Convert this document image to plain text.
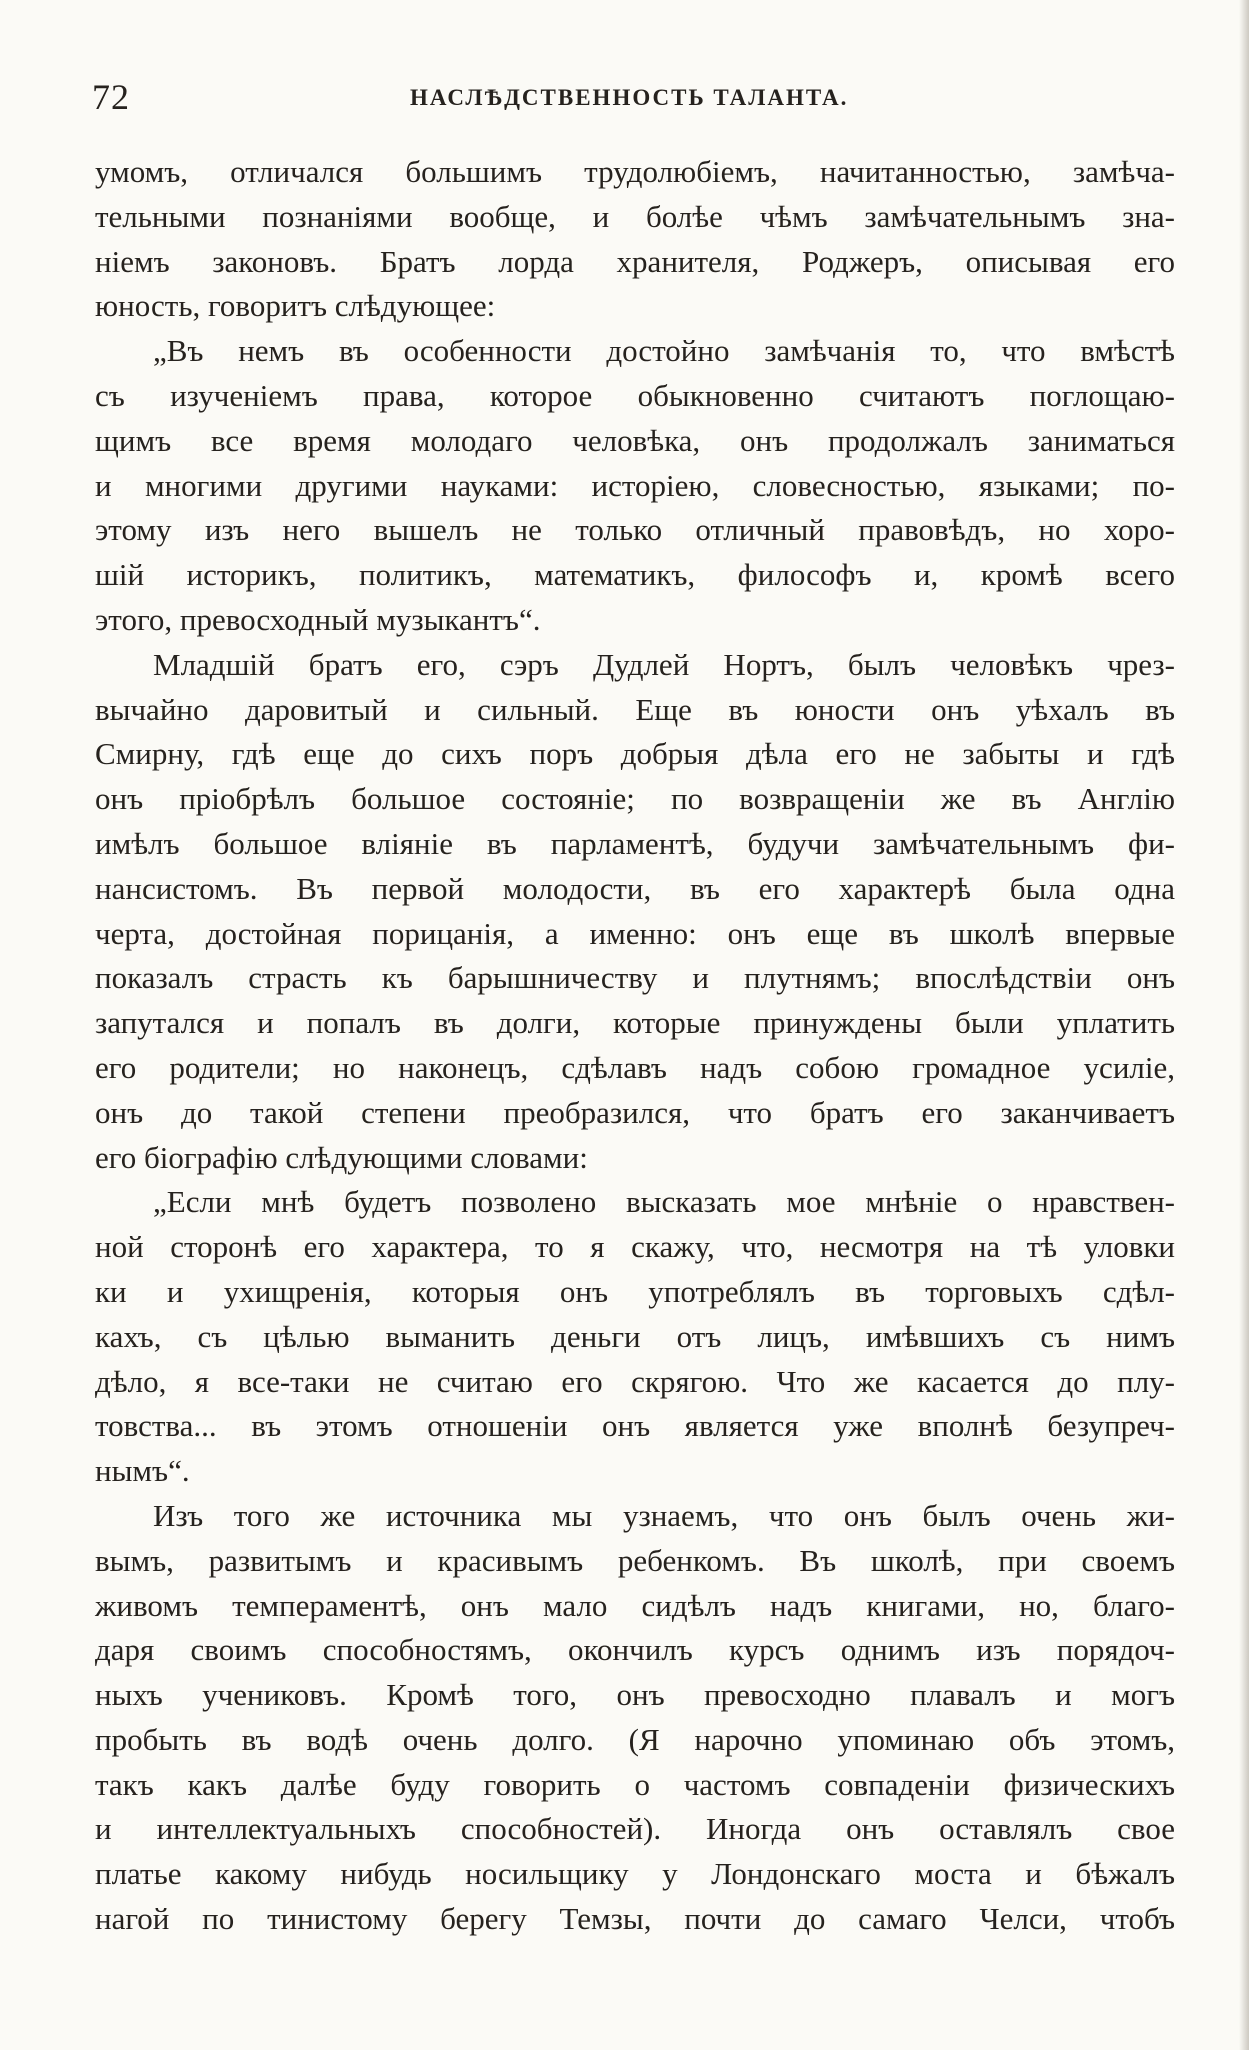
72	НАСЛѢДСТВЕННОСТЬ ТАЛАНТА.

умомъ, отличался большимъ трудолюбіемъ, начитанностью, замѣча-
тельными познаніями вообще, и болѣе чѣмъ замѣчательнымъ зна-
ніемъ законовъ. Братъ лорда хранителя, Роджеръ, описывая его
юность, говоритъ слѣдующее:

„Въ немъ въ особенности достойно замѣчанія то, что вмѣстѣ
съ изученіемъ права, которое обыкновенно считаютъ поглощаю-
щимъ все время молодаго человѣка, онъ продолжалъ заниматься
и многими другими науками: исторіею, словесностью, языками; по-
этому изъ него вышелъ не только отличный правовѣдъ, но хоро-
шій историкъ, политикъ, математикъ, философъ и, кромѣ всего
этого, превосходный музыкантъ“.

Младшій братъ его, сэръ Дудлей Нортъ, былъ человѣкъ чрез-
вычайно даровитый и сильный. Еще въ юности онъ уѣхалъ въ
Смирну, гдѣ еще до сихъ поръ добрыя дѣла его не забыты и гдѣ
онъ пріобрѣлъ большое состояніе; по возвращеніи же въ Англію
имѣлъ большое вліяніе въ парламентѣ, будучи замѣчательнымъ фи-
нансистомъ. Въ первой молодости, въ его характерѣ была одна
черта, достойная порицанія, а именно: онъ еще въ школѣ впервые
показалъ страсть къ барышничеству и плутнямъ; впослѣдствіи онъ
запутался и попалъ въ долги, которые принуждены были уплатить
его родители; но наконецъ, сдѣлавъ надъ собою громадное усиліе,
онъ до такой степени преобразился, что братъ его заканчиваетъ
его біографію слѣдующими словами:

„Если мнѣ будетъ позволено высказать мое мнѣніе о нравствен-
ной сторонѣ его характера, то я скажу, что, несмотря на тѣ уловки
ки и ухищренія, которыя онъ употреблялъ въ торговыхъ сдѣл-
кахъ, съ цѣлью выманить деньги отъ лицъ, имѣвшихъ съ нимъ
дѣло, я все-таки не считаю его скрягою. Что же касается до плу-
товства... въ этомъ отношеніи онъ является уже вполнѣ безупреч-
нымъ“.

Изъ того же источника мы узнаемъ, что онъ былъ очень жи-
вымъ, развитымъ и красивымъ ребенкомъ. Въ школѣ, при своемъ
живомъ темпераментѣ, онъ мало сидѣлъ надъ книгами, но, благо-
даря своимъ способностямъ, окончилъ курсъ однимъ изъ порядоч-
ныхъ учениковъ. Кромѣ того, онъ превосходно плавалъ и могъ
пробыть въ водѣ очень долго. (Я нарочно упоминаю объ этомъ,
такъ какъ далѣе буду говорить о частомъ совпаденіи физическихъ
и интеллектуальныхъ способностей). Иногда онъ оставлялъ свое
платье какому нибудь носильщику у Лондонскаго моста и бѣжалъ
нагой по тинистому берегу Темзы, почти до самаго Челси, чтобъ
